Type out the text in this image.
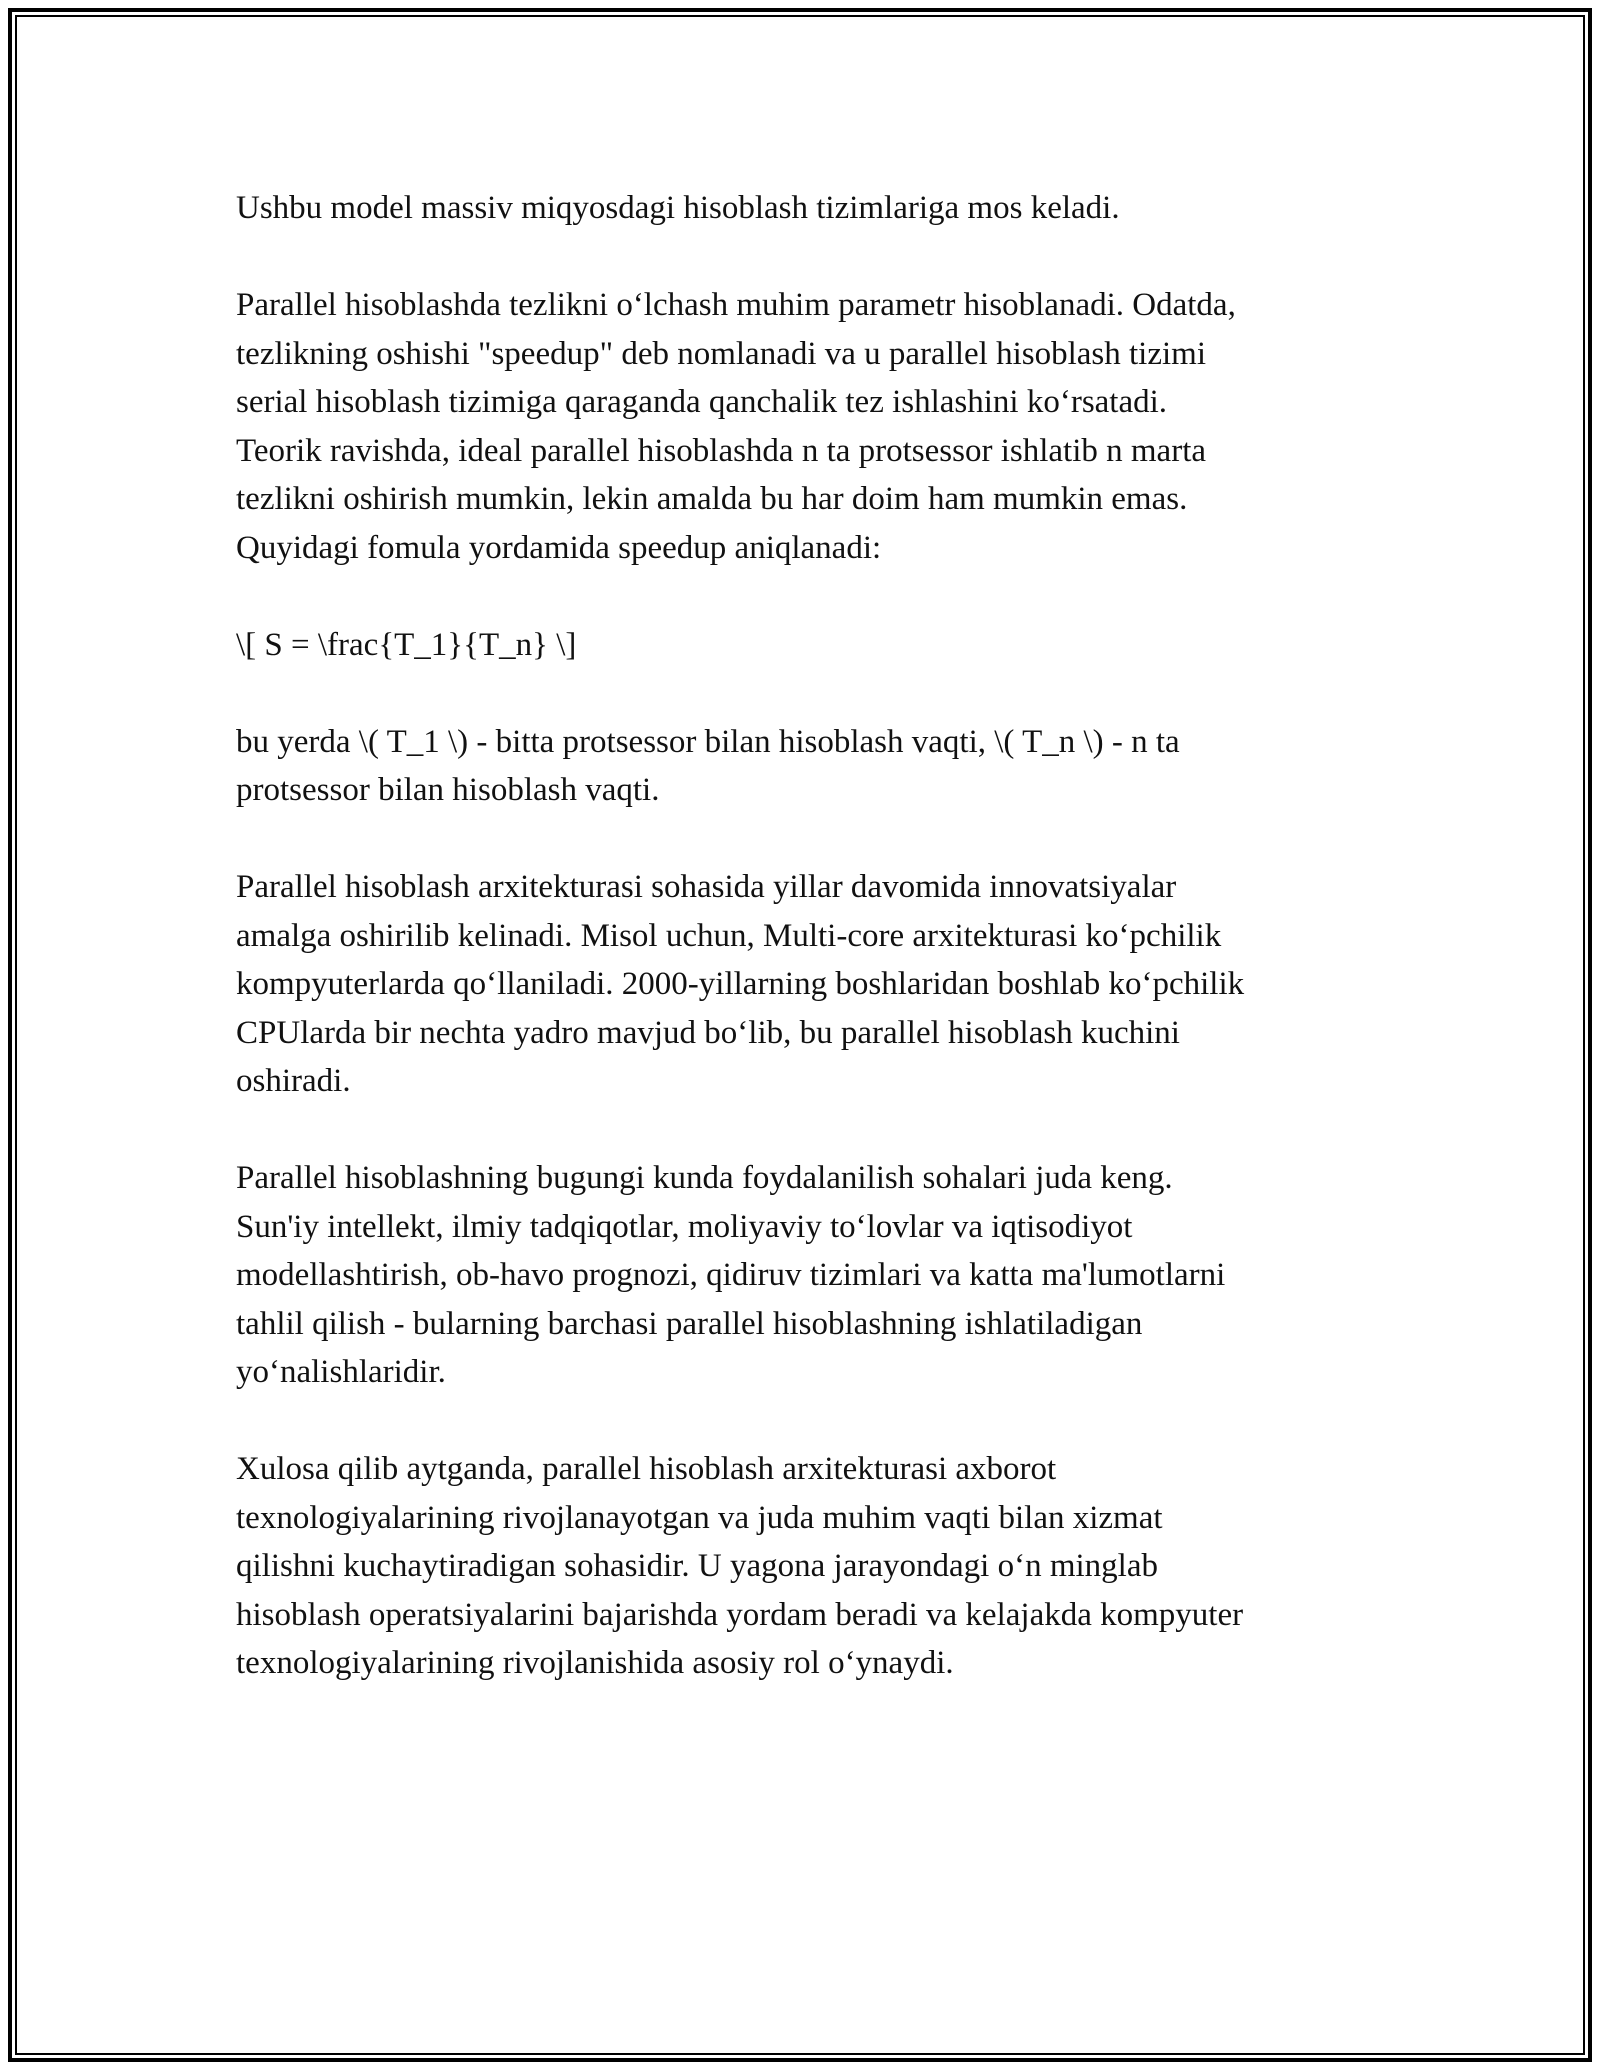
Ushbu model massiv miqyosdagi hisoblash tizimlariga mos keladi.

Parallel hisoblashda tezlikni o‘lchash muhim parametr hisoblanadi. Odatda,
tezlikning oshishi "speedup" deb nomlanadi va u parallel hisoblash tizimi
serial hisoblash tizimiga qaraganda qanchalik tez ishlashini ko‘rsatadi.
Teorik ravishda, ideal parallel hisoblashda n ta protsessor ishlatib n marta
tezlikni oshirish mumkin, lekin amalda bu har doim ham mumkin emas.
Quyidagi fomula yordamida speedup aniqlanadi:

\[ S = \frac{T_1}{T_n} \]

bu yerda \( T_1 \) - bitta protsessor bilan hisoblash vaqti, \( T_n \) - n ta
protsessor bilan hisoblash vaqti.

Parallel hisoblash arxitekturasi sohasida yillar davomida innovatsiyalar
amalga oshirilib kelinadi. Misol uchun, Multi-core arxitekturasi ko‘pchilik
kompyuterlarda qo‘llaniladi. 2000-yillarning boshlaridan boshlab ko‘pchilik
CPUlarda bir nechta yadro mavjud bo‘lib, bu parallel hisoblash kuchini
oshiradi.

Parallel hisoblashning bugungi kunda foydalanilish sohalari juda keng.
Sun'iy intellekt, ilmiy tadqiqotlar, moliyaviy to‘lovlar va iqtisodiyot
modellashtirish, ob-havo prognozi, qidiruv tizimlari va katta ma'lumotlarni
tahlil qilish - bularning barchasi parallel hisoblashning ishlatiladigan
yo‘nalishlaridir.

Xulosa qilib aytganda, parallel hisoblash arxitekturasi axborot
texnologiyalarining rivojlanayotgan va juda muhim vaqti bilan xizmat
qilishni kuchaytiradigan sohasidir. U yagona jarayondagi o‘n minglab
hisoblash operatsiyalarini bajarishda yordam beradi va kelajakda kompyuter
texnologiyalarining rivojlanishida asosiy rol o‘ynaydi.
